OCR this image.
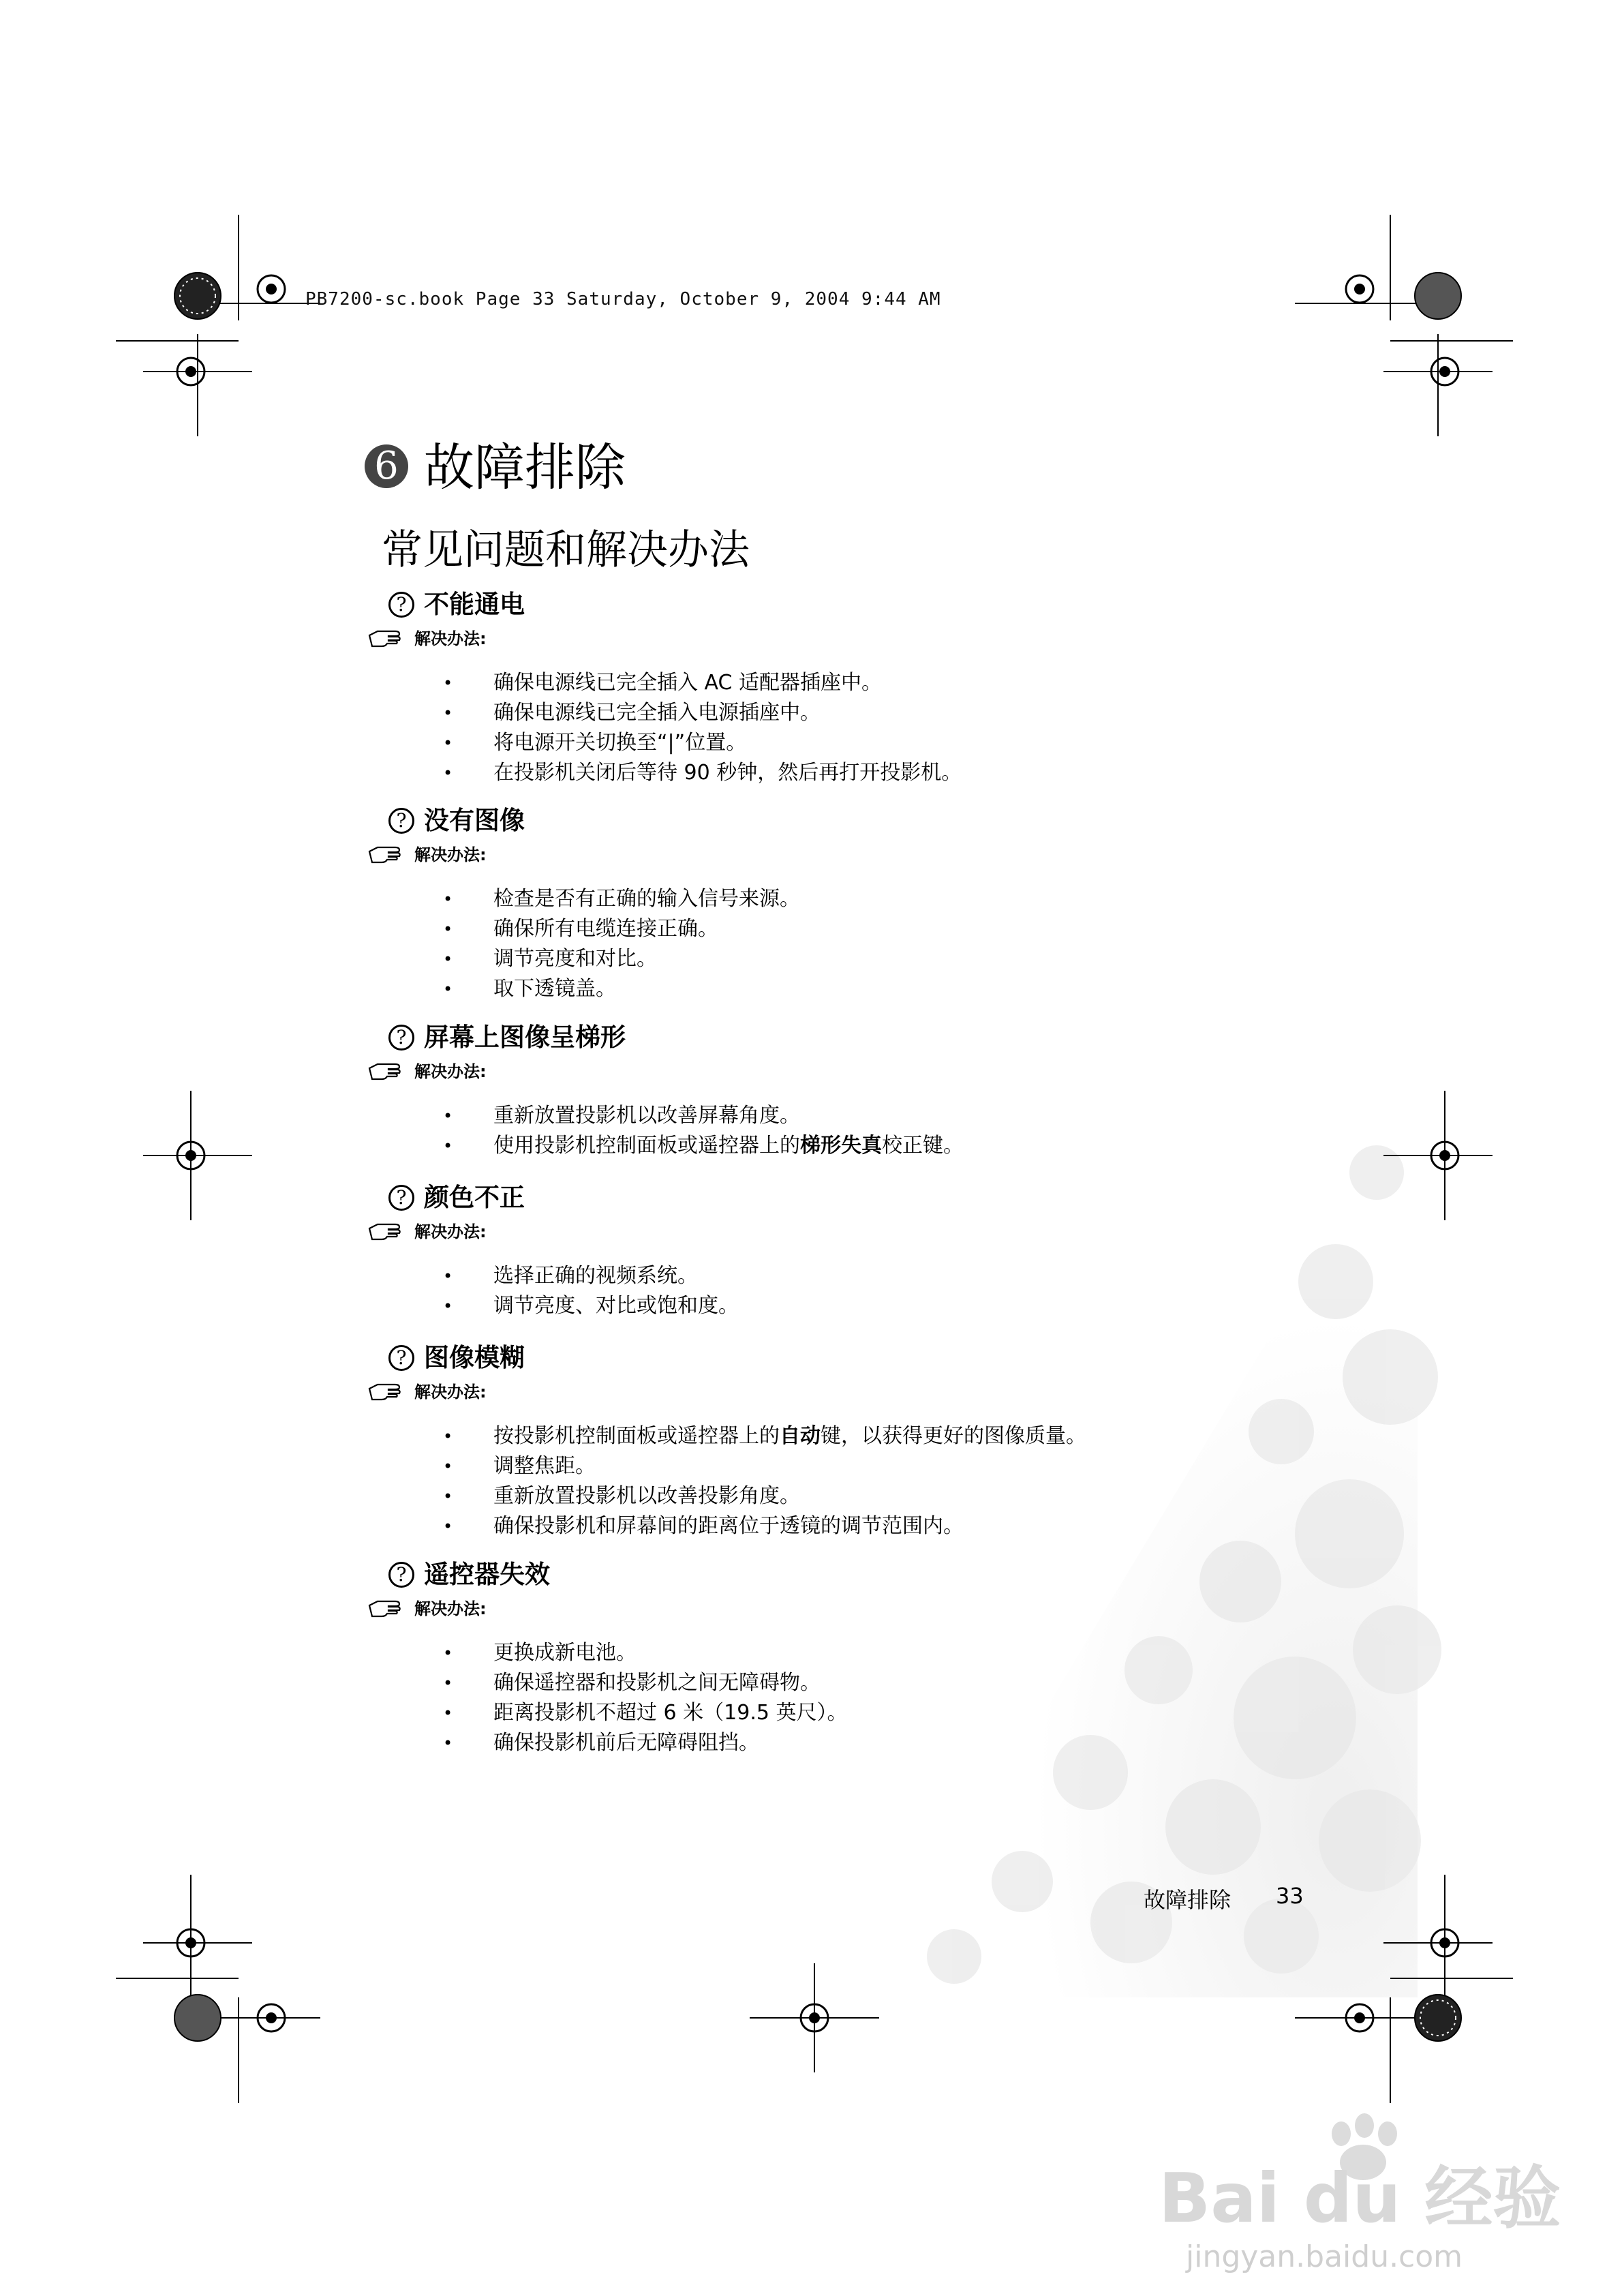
PB7200-sc.book Page 33 Saturday, October 9, 2004 9:44 AM
6 故障排除
常见问题和解决办法
? 不能通电
解决办法:
• 确保电源线已完全插入 AC 适配器插座中。
• 确保电源线已完全插入电源插座中。
• 将电源开关切换至“|”位置。
• 在投影机关闭后等待 90 秒钟，然后再打开投影机。
? 没有图像
解决办法:
• 检查是否有正确的输入信号来源。
• 确保所有电缆连接正确。
• 调节亮度和对比。
• 取下透镜盖。
? 屏幕上图像呈梯形
解决办法:
• 重新放置投影机以改善屏幕角度。
• 使用投影机控制面板或遥控器上的梯形失真校正键。
? 颜色不正
解决办法:
• 选择正确的视频系统。
• 调节亮度、对比或饱和度。
? 图像模糊
解决办法:
• 按投影机控制面板或遥控器上的自动键，以获得更好的图像质量。
• 调整焦距。
• 重新放置投影机以改善投影角度。
• 确保投影机和屏幕间的距离位于透镜的调节范围内。
? 遥控器失效
解决办法:
• 更换成新电池。
• 确保遥控器和投影机之间无障碍物。
• 距离投影机不超过 6 米（19.5 英尺）。
• 确保投影机前后无障碍阻挡。
故障排除 33
Bai du 经验
jingyan.baidu.com
